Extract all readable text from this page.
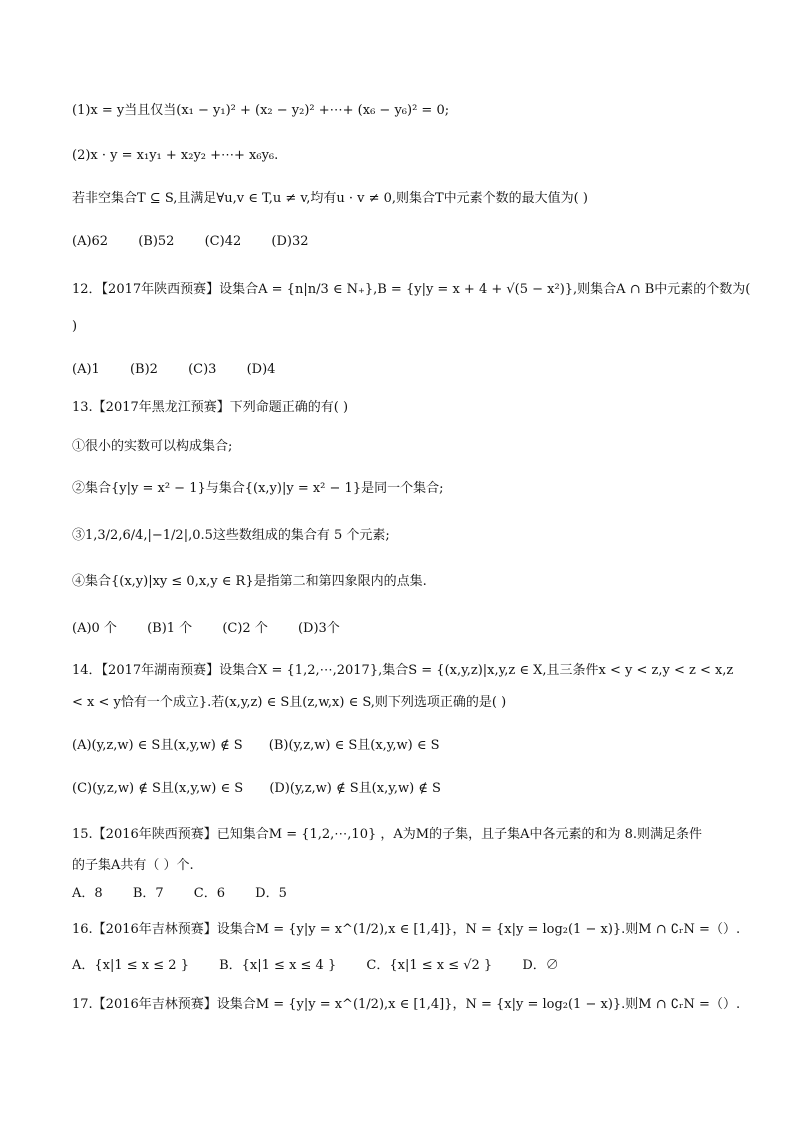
(1)x = y当且仅当(x₁ − y₁)² + (x₂ − y₂)² +⋯+ (x₆ − y₆)² = 0;
(2)x · y = x₁y₁ + x₂y₂ +⋯+ x₆y₆.
若非空集合T ⊆ S,且满足∀u,v ∈ T,u ≠ v,均有u · v ≠ 0,则集合T中元素个数的最大值为( )
(A)62 (B)52 (C)42 (D)32
12．【2017年陕西预赛】设集合A = {n|n/3 ∈ N₊},B = {y|y = x + 4 + √(5 − x²)},则集合A ∩ B中元素的个数为(
)
(A)1 (B)2 (C)3 (D)4
13.【2017年黑龙江预赛】下列命题正确的有( )
①很小的实数可以构成集合;
②集合{y|y = x² − 1}与集合{(x,y)|y = x² − 1}是同一个集合;
③1,3/2,6/4,|−1/2|,0.5这些数组成的集合有 5 个元素;
④集合{(x,y)|xy ≤ 0,x,y ∈ R}是指第二和第四象限内的点集.
(A)0 个 (B)1 个 (C)2 个 (D)3个
14．【2017年湖南预赛】设集合X = {1,2,⋯,2017},集合S = {(x,y,z)|x,y,z ∈ X,且三条件x < y < z,y < z < x,z
< x < y恰有一个成立}.若(x,y,z) ∈ S且(z,w,x) ∈ S,则下列选项正确的是( )
(A)(y,z,w) ∈ S且(x,y,w) ∉ S (B)(y,z,w) ∈ S且(x,y,w) ∈ S
(C)(y,z,w) ∉ S且(x,y,w) ∈ S (D)(y,z,w) ∉ S且(x,y,w) ∉ S
15.【2016年陕西预赛】已知集合M = {1,2,⋯,10} ，A为M的子集，且子集A中各元素的和为 8.则满足条件
的子集A共有（ ）个.
A．8 B．7 C．6 D．5
16.【2016年吉林预赛】设集合M = {y|y = x^(1/2),x ∈ [1,4]}，N = {x|y = log₂(1 − x)}.则M ∩ ∁ᵣN =（）.
A．{x|1 ≤ x ≤ 2 } B．{x|1 ≤ x ≤ 4 } C．{x|1 ≤ x ≤ √2 } D．∅
17.【2016年吉林预赛】设集合M = {y|y = x^(1/2),x ∈ [1,4]}，N = {x|y = log₂(1 − x)}.则M ∩ ∁ᵣN =（）.
